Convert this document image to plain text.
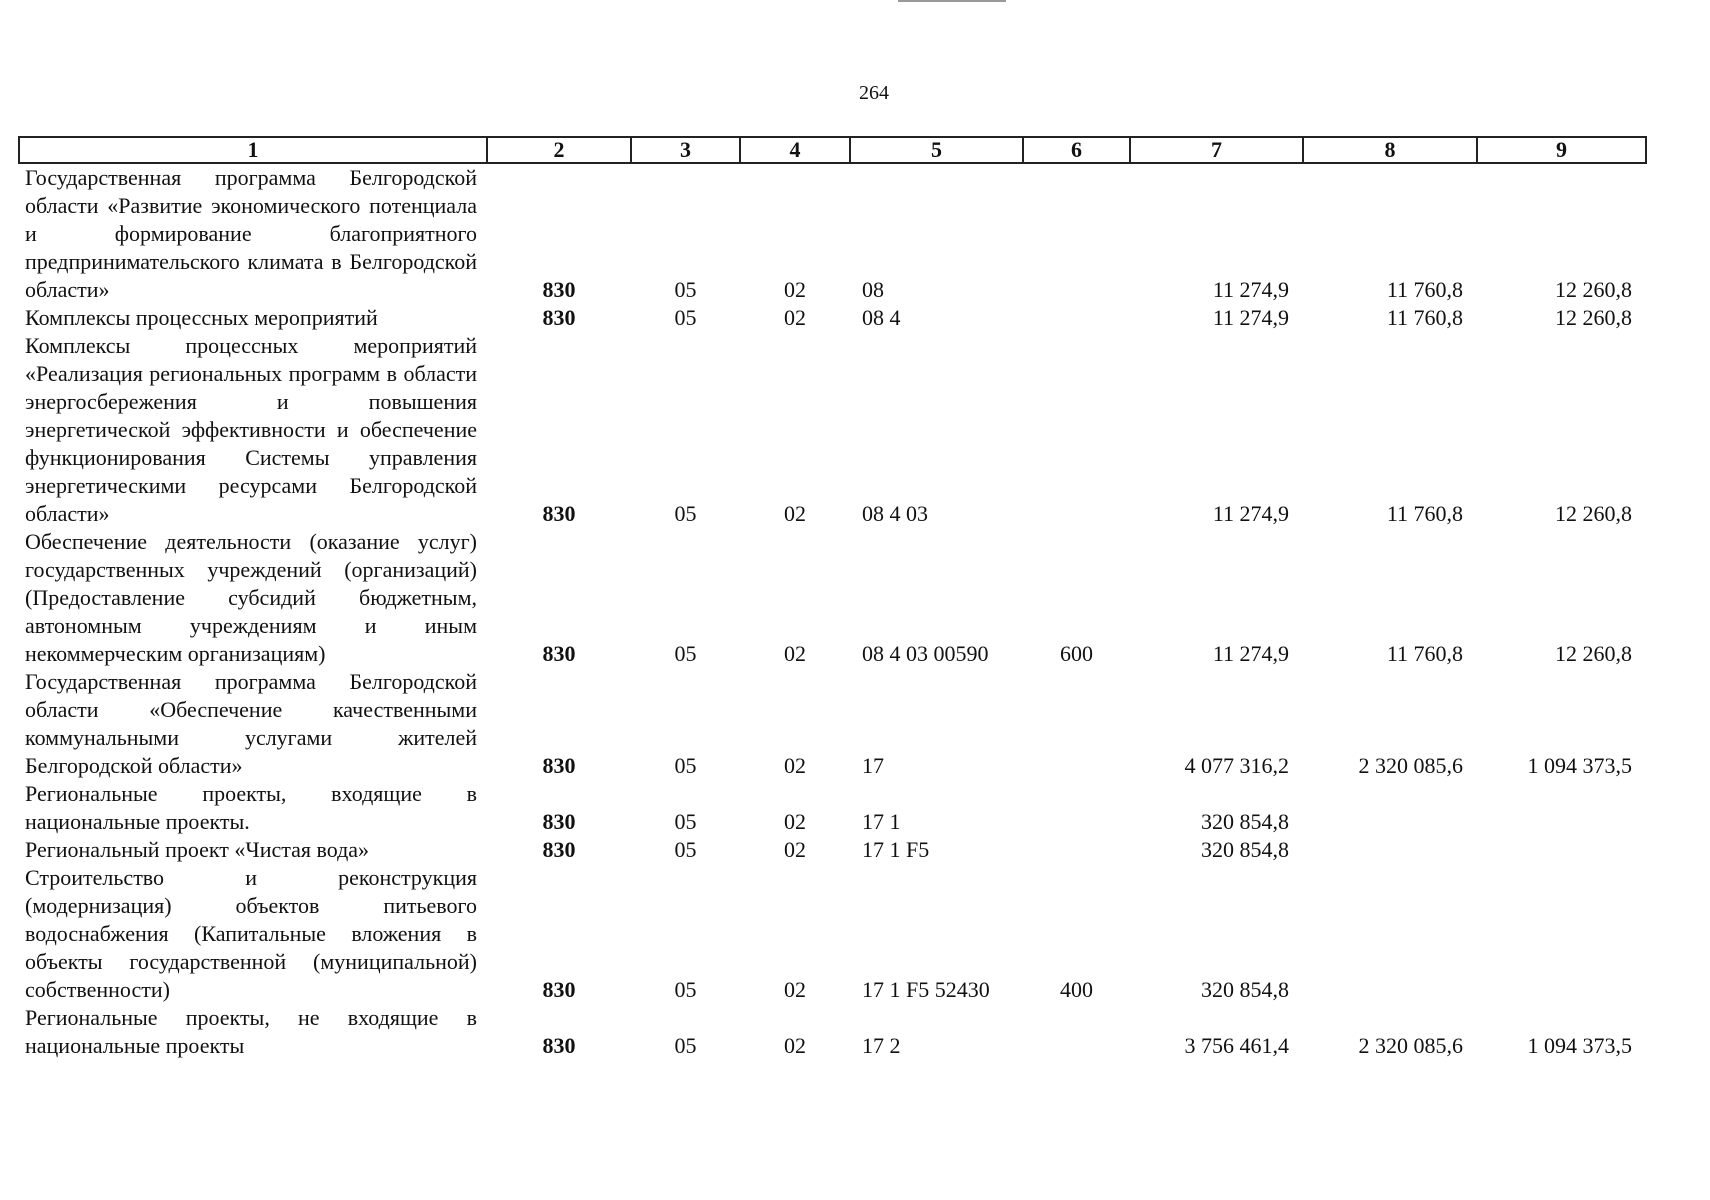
264
1	2	3	4	5	6	7	8	9
Государственная программа Белгородской области «Развитие экономического потенциала и формирование благоприятного предпринимательского климата в Белгородской области»	830	05	02	08		11 274,9	11 760,8	12 260,8
Комплексы процессных мероприятий	830	05	02	08 4		11 274,9	11 760,8	12 260,8
Комплексы процессных мероприятий «Реализация региональных программ в области энергосбережения и повышения энергетической эффективности и обеспечение функционирования Системы управления энергетическими ресурсами Белгородской области»	830	05	02	08 4 03		11 274,9	11 760,8	12 260,8
Обеспечение деятельности (оказание услуг) государственных учреждений (организаций) (Предоставление субсидий бюджетным, автономным учреждениям и иным некоммерческим организациям)	830	05	02	08 4 03 00590	600	11 274,9	11 760,8	12 260,8
Государственная программа Белгородской области «Обеспечение качественными коммунальными услугами жителей Белгородской области»	830	05	02	17		4 077 316,2	2 320 085,6	1 094 373,5
Региональные проекты, входящие в национальные проекты.	830	05	02	17 1		320 854,8		
Региональный проект «Чистая вода»	830	05	02	17 1 F5		320 854,8		
Строительство и реконструкция (модернизация) объектов питьевого водоснабжения (Капитальные вложения в объекты государственной (муниципальной) собственности)	830	05	02	17 1 F5 52430	400	320 854,8		
Региональные проекты, не входящие в национальные проекты	830	05	02	17 2		3 756 461,4	2 320 085,6	1 094 373,5
